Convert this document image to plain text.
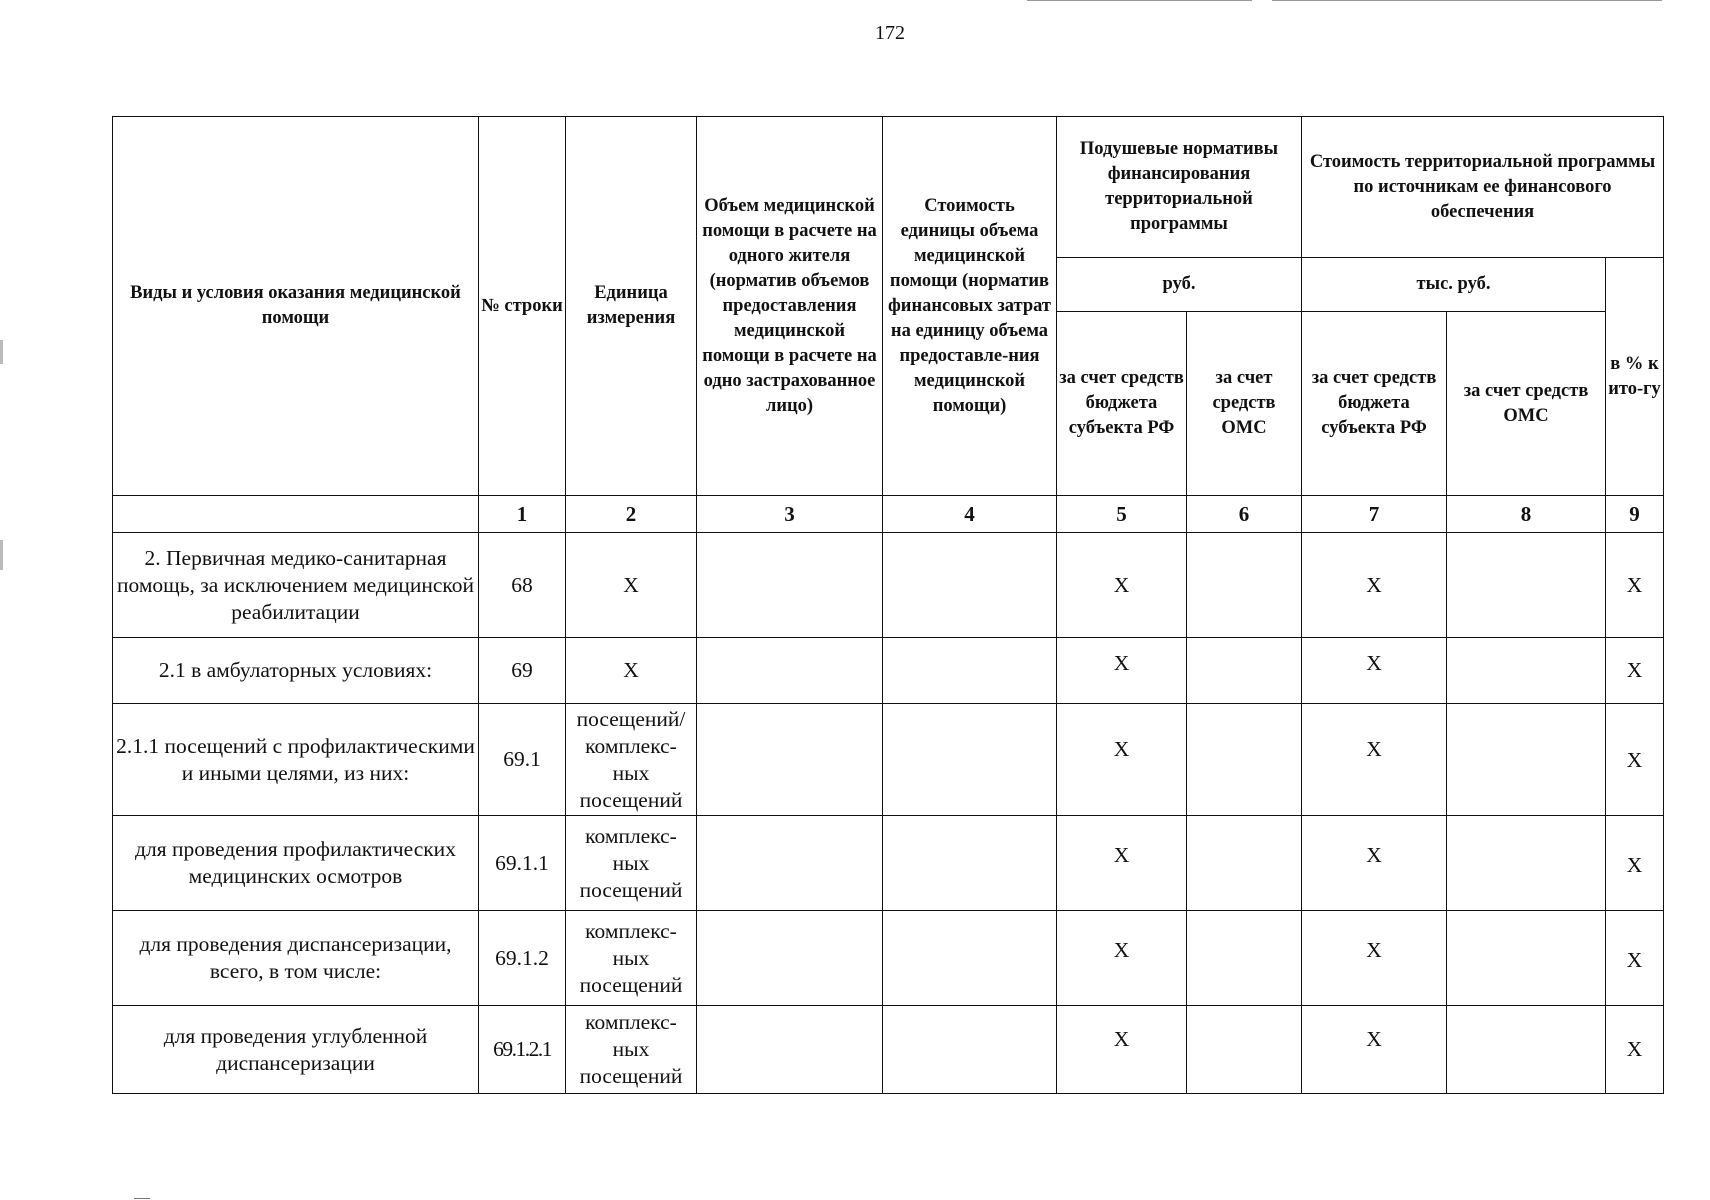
172
Виды и условия оказания медицинской помощи	№ строки	Единица измерения	Объем медицинской помощи в расчете на одного жителя (норматив объемов предоставления медицинской помощи в расчете на одно застрахованное лицо)	Стоимость единицы объема медицинской помощи (норматив финансовых затрат на единицу объема предоставле-ния медицинской помощи)	Подушевые нормативы финансирования территориальной программы		Стоимость территориальной программы по источникам ее финансового обеспечения		
					руб.		тыс. руб.		в % к ито-гу
					за счет средств бюджета субъекта РФ	за счет средств ОМС	за счет средств бюджета субъекта РФ	за счет средств ОМС	
	1	2	3	4	5	6	7	8	9
2. Первичная медико-санитарная помощь, за исключением медицинской реабилитации	68	Х			Х		Х		Х
2.1 в амбулаторных условиях:	69	Х			Х		Х		Х
2.1.1 посещений с профилактическими и иными целями, из них:	69.1	посещений/ комплекс-ных посещений			Х		Х		Х
для проведения профилактических медицинских осмотров	69.1.1	комплекс-ных посещений			Х		Х		Х
для проведения диспансеризации, всего, в том числе:	69.1.2	комплекс-ных посещений			Х		Х		Х
для проведения углубленной диспансеризации	69.1.2.1	комплекс-ных посещений			Х		Х		Х
